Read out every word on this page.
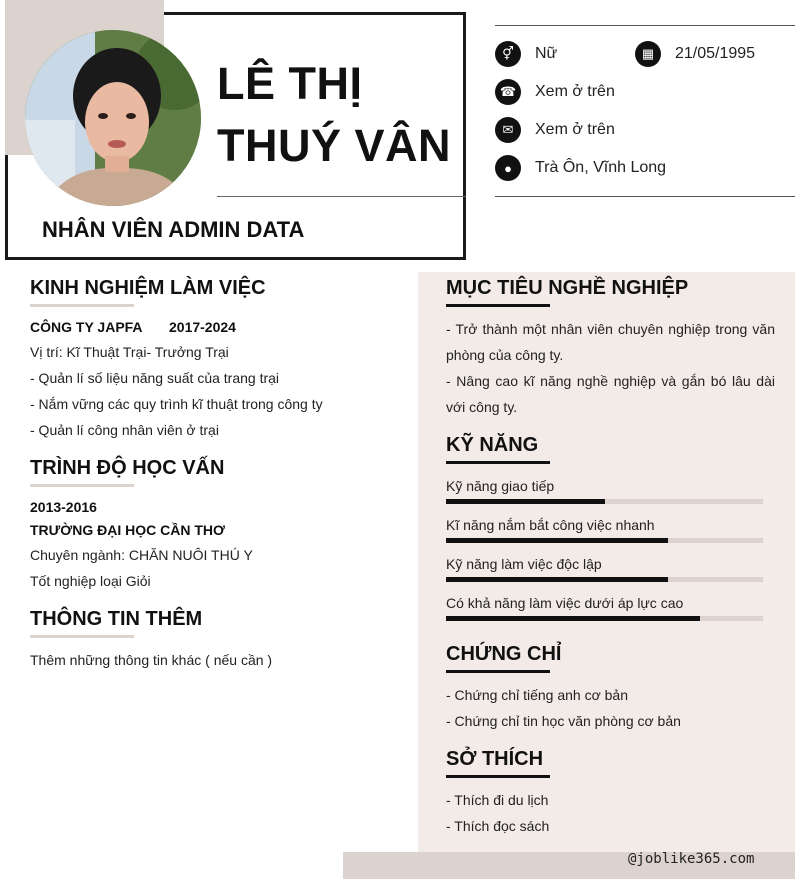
LÊ THỊ
THUÝ VÂN
NHÂN VIÊN ADMIN DATA
⚥	Nữ	▦	21/05/1995
☎	Xem ở trên
✉	Xem ở trên
●	Trà Ôn, Vĩnh Long
@joblike365.com
KINH NGHIỆM LÀM VIỆC
CÔNG TY JAPFA 2017-2024
Vị trí: Kĩ Thuật Trại- Trưởng Trại
- Quản lí số liệu năng suất của trang trại
- Nắm vững các quy trình kĩ thuật trong công ty
- Quản lí công nhân viên ở trại
TRÌNH ĐỘ HỌC VẤN
2013-2016
TRƯỜNG ĐẠI HỌC CẦN THƠ
Chuyên ngành: CHĂN NUÔI THÚ Y
Tốt nghiệp loại Giỏi
THÔNG TIN THÊM
Thêm những thông tin khác ( nếu cần )
MỤC TIÊU NGHỀ NGHIỆP
- Trở thành một nhân viên chuyên nghiệp trong văn phòng của công ty.
- Nâng cao kĩ năng nghề nghiệp và gắn bó lâu dài với công ty.
KỸ NĂNG
Kỹ năng giao tiếp
Kĩ năng nắm bắt công việc nhanh
Kỹ năng làm việc độc lập
Có khả năng làm việc dưới áp lực cao
CHỨNG CHỈ
- Chứng chỉ tiếng anh cơ bản
- Chứng chỉ tin học văn phòng cơ bản
SỞ THÍCH
- Thích đi du lịch
- Thích đọc sách
